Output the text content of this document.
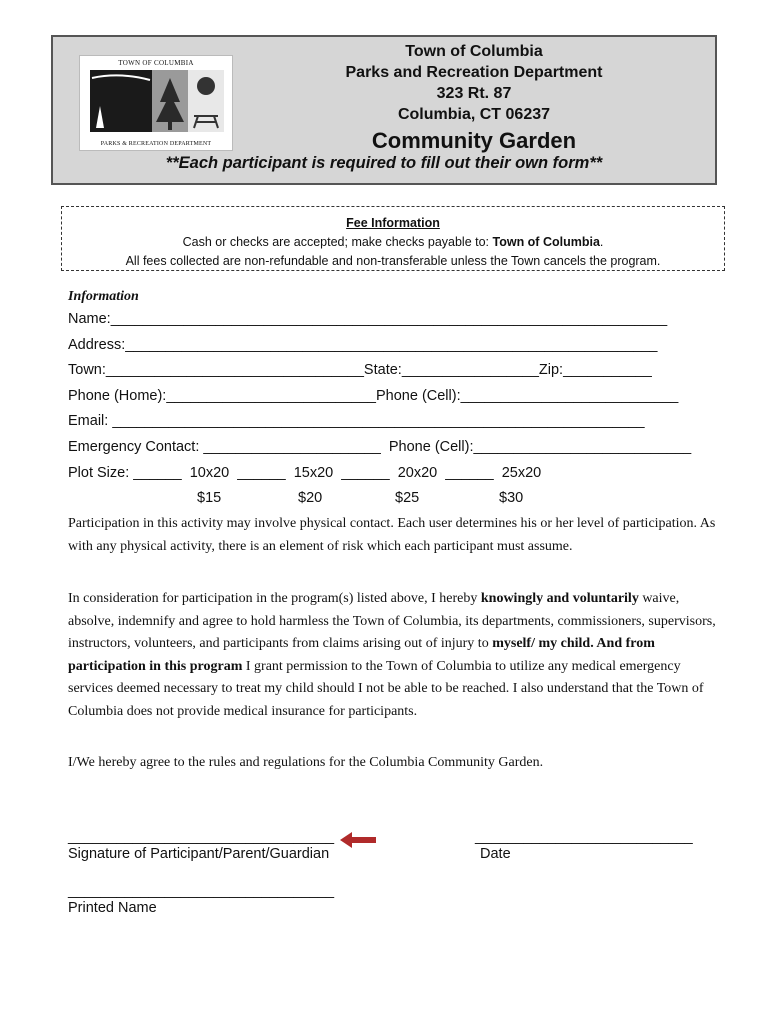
TOWN OF COLUMBIA
PARKS & RECREATION DEPARTMENT
Town of Columbia
Parks and Recreation Department
323 Rt. 87
Columbia, CT 06237
Community Garden
**Each participant is required to fill out their own form**
Fee Information
Cash or checks are accepted; make checks payable to: Town of Columbia.
All fees collected are non-refundable and non-transferable unless the Town cancels the program.
Information
Name:_____________________________________________________________________
Address:__________________________________________________________________
Town:________________________________State:_________________Zip:___________
Phone (Home):__________________________Phone (Cell):___________________________
Email: __________________________________________________________________
Emergency Contact: ______________________  Phone (Cell):___________________________
Plot Size: ______  10x20  ______  15x20  ______  20x20  ______  25x20
$15	$20	$25	$30
Participation in this activity may involve physical contact. Each user determines his or her level of participation. As with any physical activity, there is an element of risk which each participant must assume.
In consideration for participation in the program(s) listed above, I hereby knowingly and voluntarily waive, absolve, indemnify and agree to hold harmless the Town of Columbia, its departments, commissioners, supervisors, instructors, volunteers, and participants from claims arising out of injury to myself/ my child. And from participation in this program I grant permission to the Town of Columbia to utilize any medical emergency services deemed necessary to treat my child should I not be able to be reached. I also understand that the Town of Columbia does not provide medical insurance for participants.
I/We hereby agree to the rules and regulations for the Columbia Community Garden.
_________________________________
Signature of Participant/Parent/Guardian
___________________________
Date
_________________________________
Printed Name
